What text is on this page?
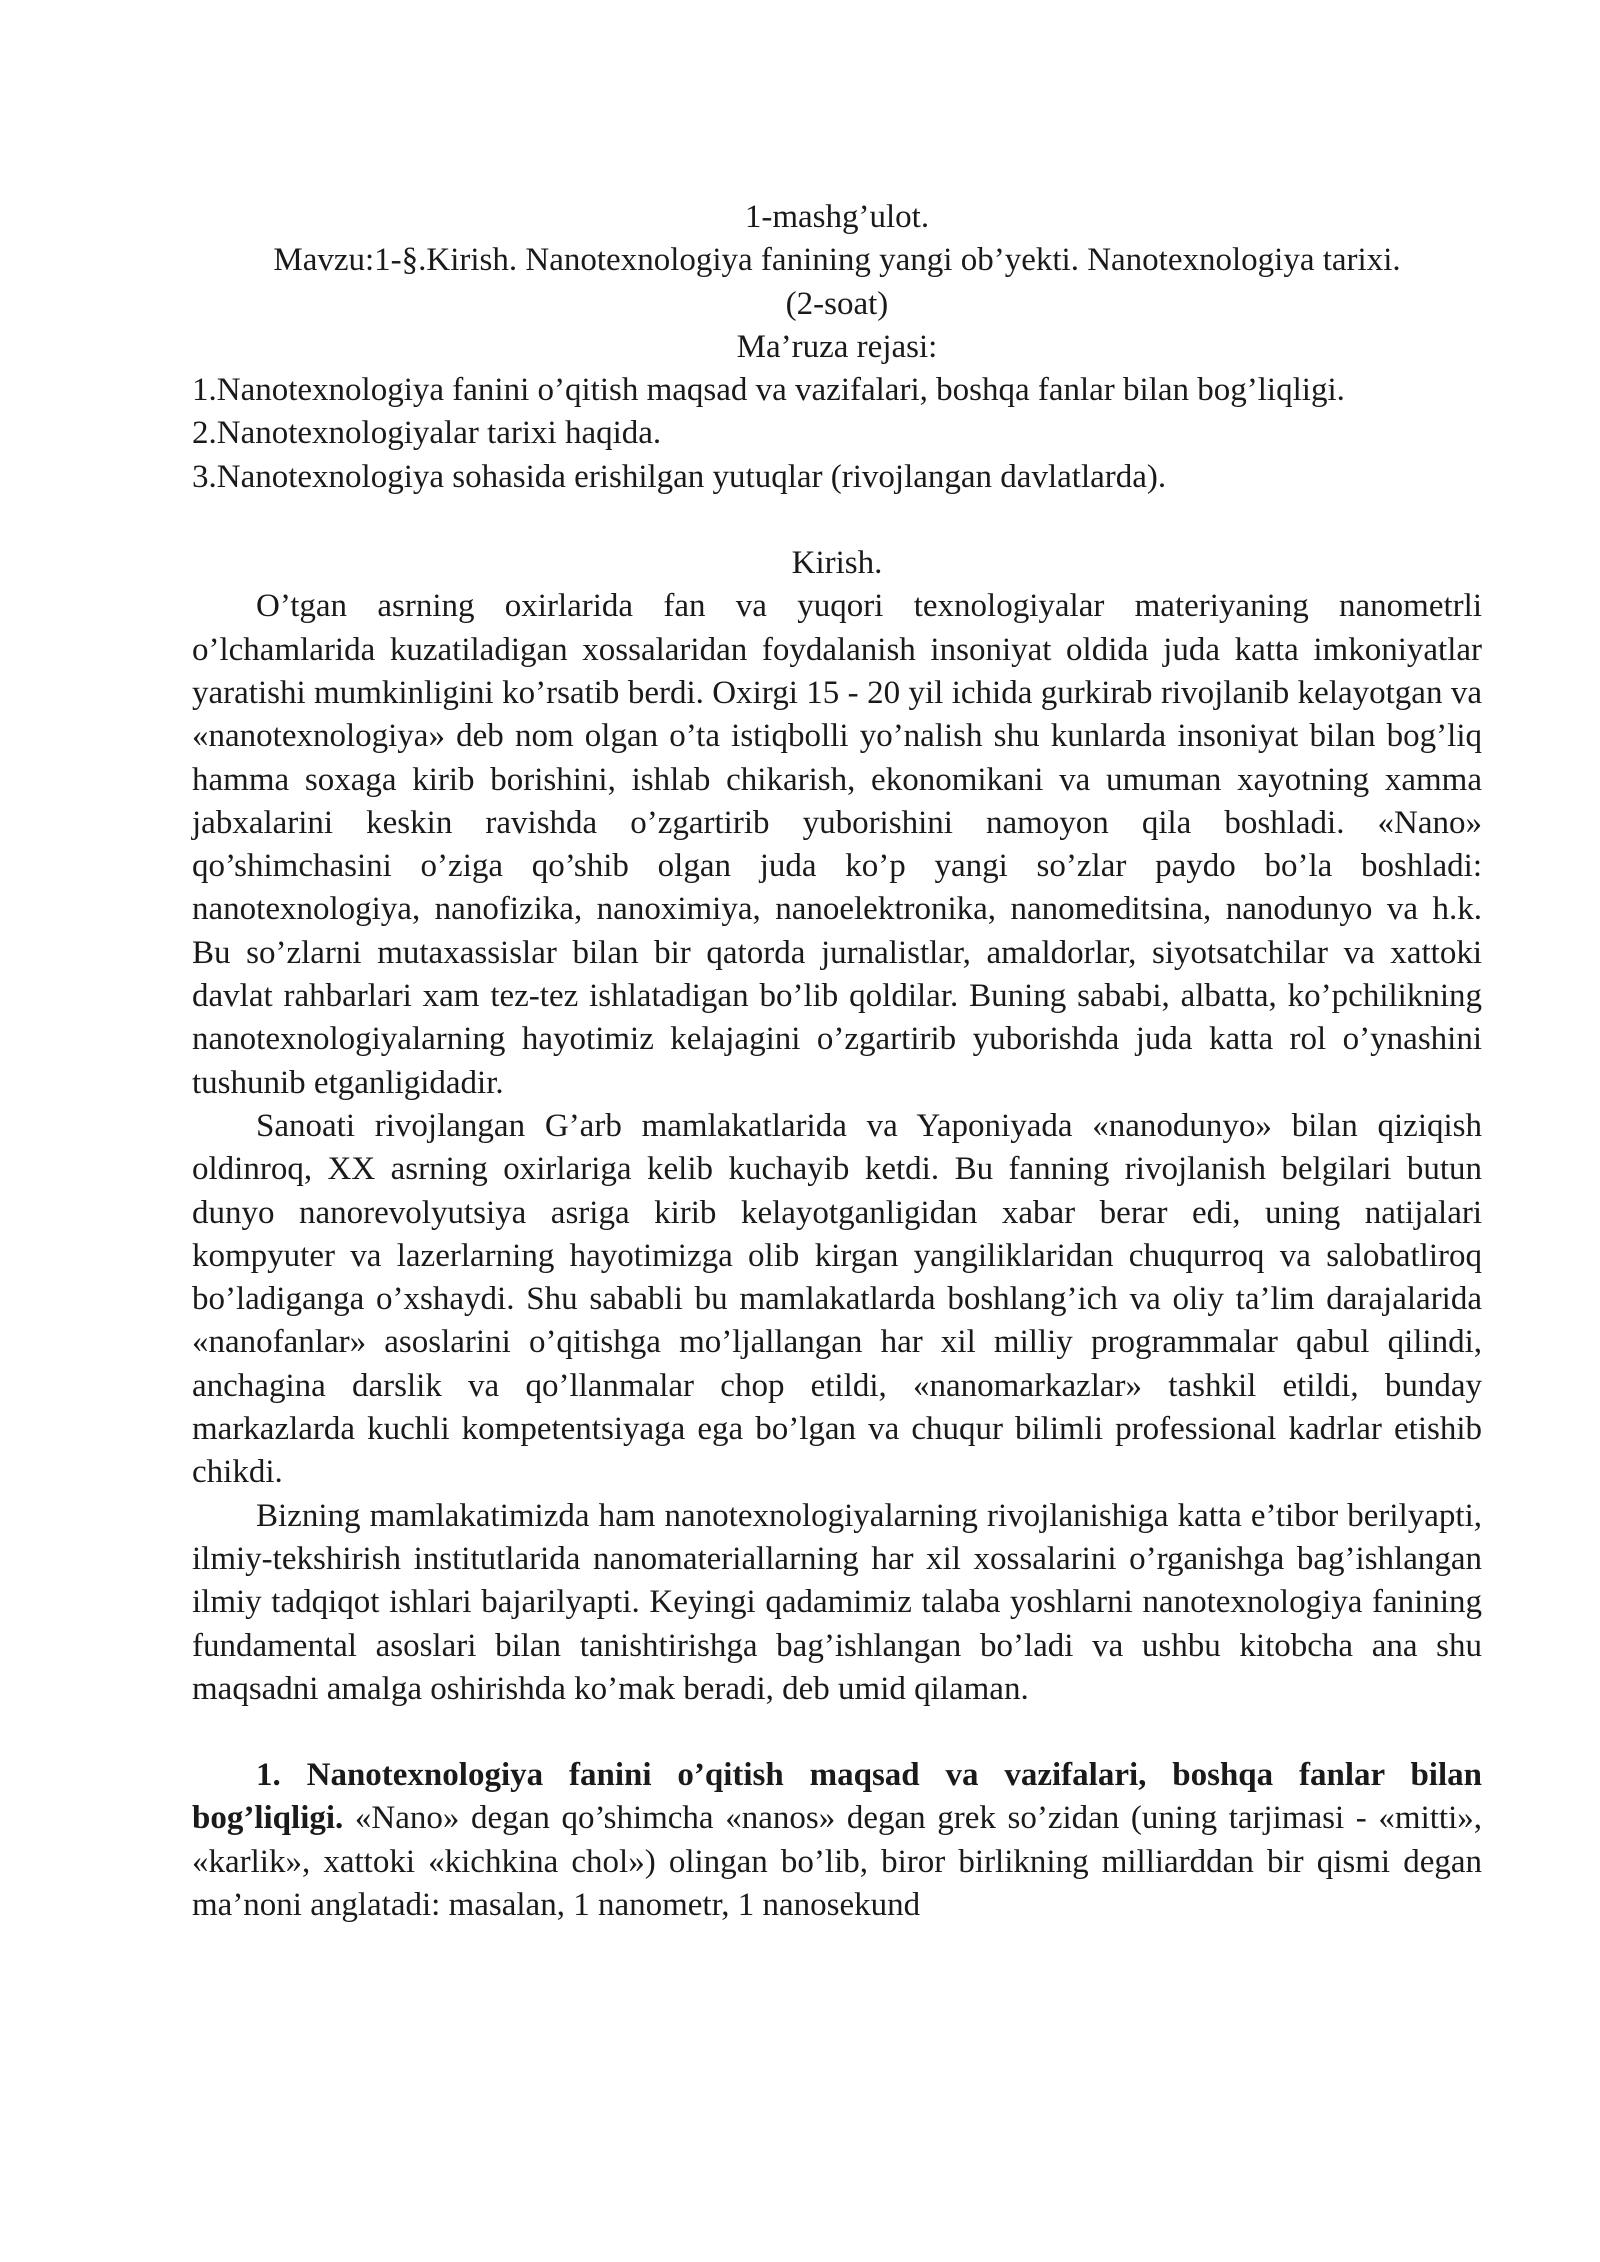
1-mashg’ulot.

Mavzu:1-§.Kirish. Nanotexnologiya fanining yangi ob’yekti. Nanotexnologiya tarixi.

(2-soat)

Ma’ruza rejasi:

1.Nanotexnologiya fanini o’qitish maqsad va vazifalari, boshqa fanlar bilan bog’liqligi.

2.Nanotexnologiyalar tarixi haqida.

3.Nanotexnologiya sohasida erishilgan yutuqlar (rivojlangan davlatlarda).

Kirish.

O’tgan asrning oxirlarida fan va yuqori texnologiyalar materiyaning nanometrli o’lchamlarida kuzatiladigan xossalaridan foydalanish insoniyat oldida juda katta imkoniyatlar yaratishi mumkinligini ko’rsatib berdi. Oxirgi 15 - 20 yil ichida gurkirab rivojlanib kelayotgan va «nanotexnologiya» deb nom olgan o’ta istiqbolli yo’nalish shu kunlarda insoniyat bilan bog’liq hamma soxaga kirib borishini, ishlab chikarish, ekonomikani va umuman xayotning xamma jabxalarini keskin ravishda o’zgartirib yuborishini namoyon qila boshladi. «Nano» qo’shimchasini o’ziga qo’shib olgan juda ko’p yangi so’zlar paydo bo’la boshladi: nanotexnologiya, nanofizika, nanoximiya, nanoelektronika, nanomeditsina, nanodunyo va h.k. Bu so’zlarni mutaxassislar bilan bir qatorda jurnalistlar, amaldorlar, siyotsatchilar va xattoki davlat rahbarlari xam tez-tez ishlatadigan bo’lib qoldilar. Buning sababi, albatta, ko’pchilikning nanotexnologiyalarning hayotimiz kelajagini o’zgartirib yuborishda juda katta rol o’ynashini tushunib etganligidadir.

Sanoati rivojlangan G’arb mamlakatlarida va Yaponiyada «nanodunyo» bilan qiziqish oldinroq, XX asrning oxirlariga kelib kuchayib ketdi. Bu fanning rivojlanish belgilari butun dunyo nanorevolyutsiya asriga kirib kelayotganligidan xabar berar edi, uning natijalari kompyuter va lazerlarning hayotimizga olib kirgan yangiliklaridan chuqurroq va salobatliroq bo’ladiganga o’xshaydi. Shu sababli bu mamlakatlarda boshlang’ich va oliy ta’lim darajalarida «nanofanlar» asoslarini o’qitishga mo’ljallangan har xil milliy programmalar qabul qilindi, anchagina darslik va qo’llanmalar chop etildi, «nanomarkazlar» tashkil etildi, bunday markazlarda kuchli kompetentsiyaga ega bo’lgan va chuqur bilimli professional kadrlar etishib chikdi.

Bizning mamlakatimizda ham nanotexnologiyalarning rivojlanishiga katta e’tibor berilyapti, ilmiy-tekshirish institutlarida nanomateriallarning har xil xossalarini o’rganishga bag’ishlangan ilmiy tadqiqot ishlari bajarilyapti. Keyingi qadamimiz talaba yoshlarni nanotexnologiya fanining fundamental asoslari bilan tanishtirishga bag’ishlangan bo’ladi va ushbu kitobcha ana shu maqsadni amalga oshirishda ko’mak beradi, deb umid qilaman.

1. Nanotexnologiya fanini o’qitish maqsad va vazifalari, boshqa fanlar bilan bog’liqligi. «Nano» degan qo’shimcha «nanos» degan grek so’zidan (uning tarjimasi - «mitti», «karlik», xattoki «kichkina chol») olingan bo’lib, biror birlikning milliarddan bir qismi degan ma’noni anglatadi: masalan, 1 nanometr, 1 nanosekund
